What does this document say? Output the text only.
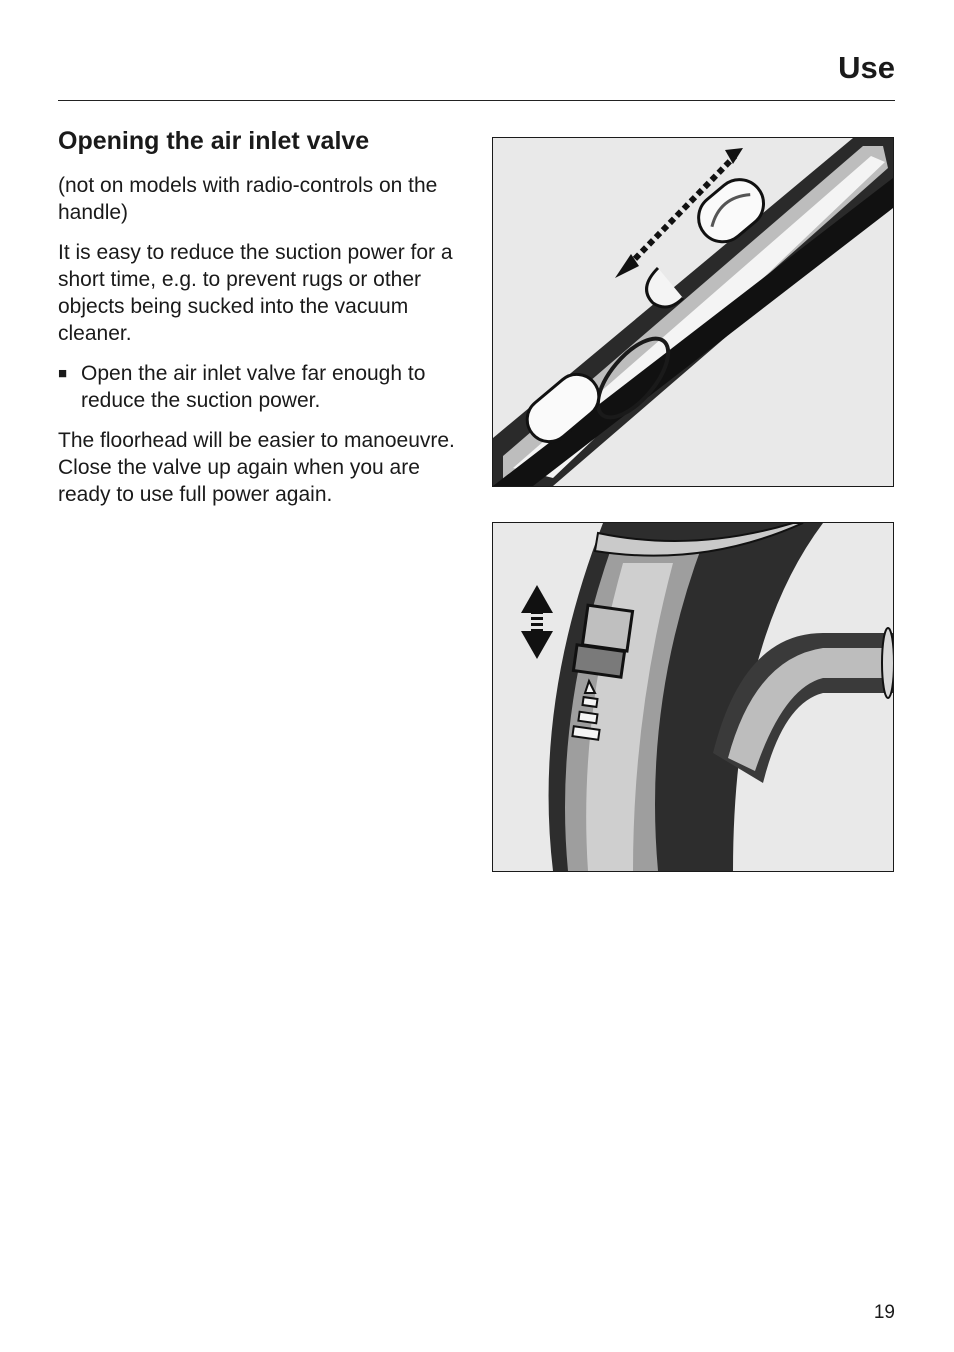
Use
Opening the air inlet valve

(not on models with radio-controls on the handle)

It is easy to reduce the suction power for a short time, e.g. to prevent rugs or other objects being sucked into the vacuum cleaner.

■ Open the air inlet valve far enough to reduce the suction power.

The floorhead will be easier to manoeuvre. Close the valve up again when you are ready to use full power again.

19
